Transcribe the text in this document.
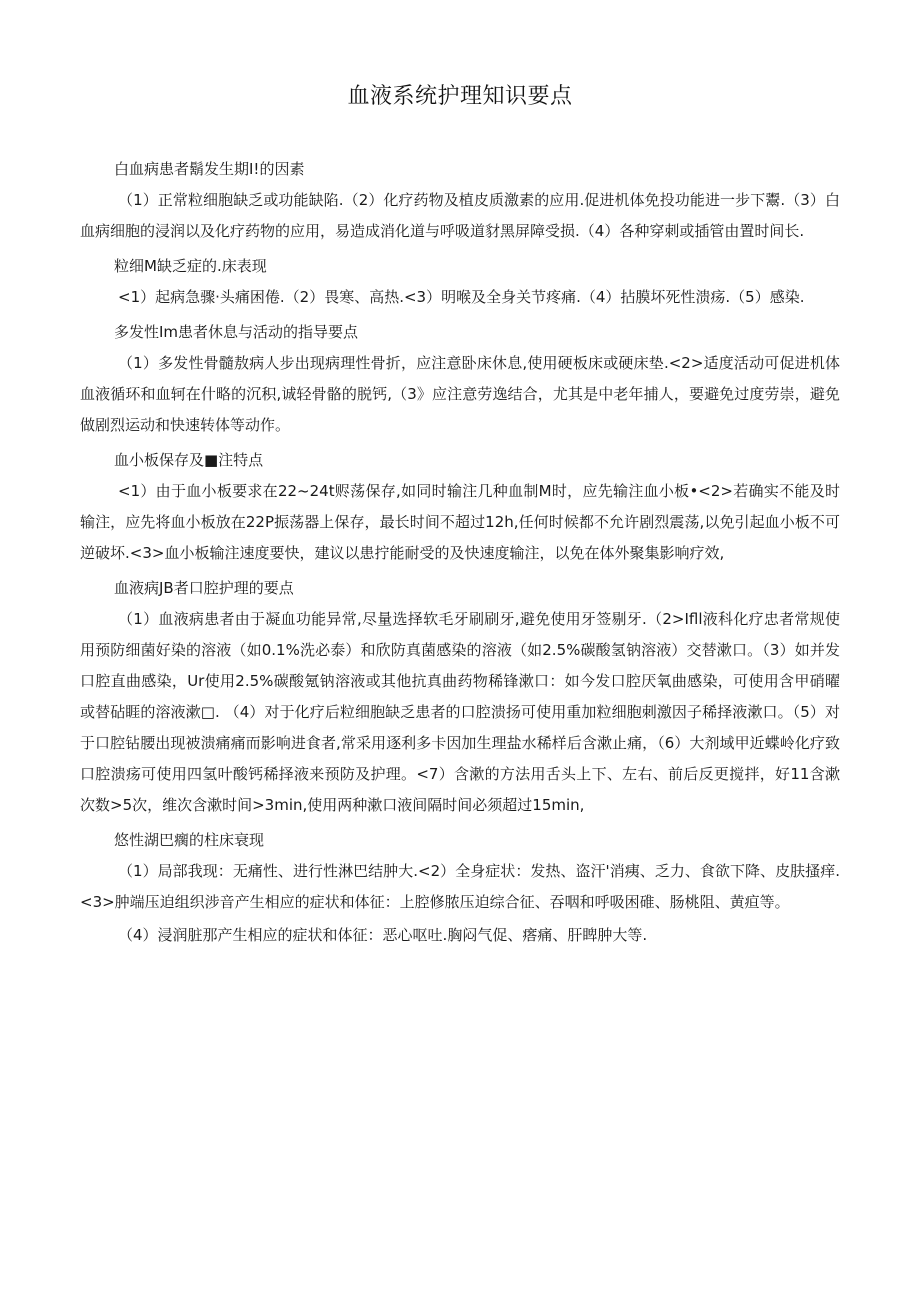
血液系统护理知识要点
白血病患者鬍发生期I!的因素

（1）正常粒细胞缺乏或功能缺陷.（2）化疗药物及植皮质激素的应用.促进机体免投功能进一步下鬻.（3）白血病细胞的浸润以及化疗药物的应用，易造成消化道与呼吸道豺黑屏障受损.（4）各种穿刺或插管由置时间长.

粒细M缺乏症的.床表现

<1）起病急骤·头痛困倦.（2）畏寒、高热.<3）明喉及全身关节疼痛.（4）拈膜坏死性溃疡.（5）感染.

多发性Im患者休息与活动的指导要点

（1）多发性骨髓敖病人步出现病理性骨折，应注意卧床休息,使用硬板床或硬床垫.<2>适度活动可促进机体血液循环和血轲在什略的沉积,诚轻骨骼的脱钙,（3》应注意劳逸结合，尤其是中老年捕人，要避免过度劳崇，避免做剧烈运动和快速转体等动作。

血小板保存及■注特点

<1）由于血小板要求在22~24t赆荡保存,如同时输注几种血制M时，应先输注血小板•<2>若确实不能及时输注，应先将血小板放在22P振荡器上保存，最长时间不超过12h,任何时候都不允许剧烈震荡,以免引起血小板不可逆破坏.<3>血小板输注速度要快，建议以患拧能耐受的及快速度输注，以免在体外聚集影响疗效,

血液病JB者口腔护理的要点

（1）血液病患者由于凝血功能异常,尽量选择软毛牙刷刷牙,避免使用牙签剔牙.（2>Ifll液科化疗忠者常规使用预防细菌好染的溶液（如0.1%洗必泰）和欣防真菌感染的溶液（如2.5%碳酸氢钠溶液）交替漱口。（3）如并发口腔直曲感染，Ur使用2.5%碳酸氪钠溶液或其他抗真曲药物稀锋漱口：如今发口腔厌氧曲感染，可使用含甲硝曜或替砧睚的溶液漱□. （4）对于化疗后粒细胞缺乏患者的口腔溃扬可使用重加粒细胞刺激因子稀择液漱口。（5）对于口腔钻腰出现被溃痛痛而影响进食者,常采用逐利多卡因加生理盐水稀样后含漱止痛，（6）大剂域甲近蝶岭化疗致口腔溃疡可使用四氢叶酸钙稀择液来预防及护理。<7）含漱的方法用舌头上下、左右、前后反更搅拌，好11含漱次数>5次，维次含漱时间>3min,使用两种漱口液间隔时间必须超过15min,

悠性湖巴瘸的柱床衰现

（1）局部我现：无痛性、进行性淋巴结肿大.<2）全身症状：发热、盗汗'消痍、乏力、食欲下降、皮肤搔痒.<3>肿端压迫组织涉音产生相应的症状和体征：上腔修脓压迫综合征、吞咽和呼吸困碓、肠桃阻、黄疸等。

（4）浸润脏那产生相应的症状和体征：恶心呕吐.胸闷气促、瘩痛、肝睥肿大等.
